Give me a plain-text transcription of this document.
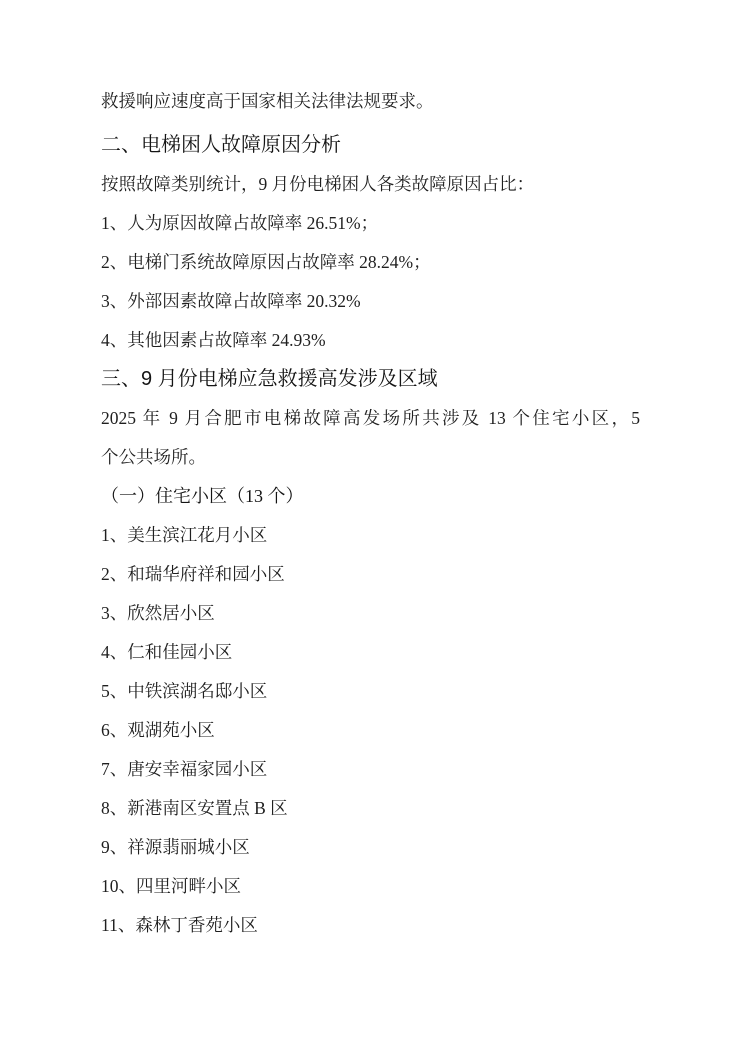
救援响应速度高于国家相关法律法规要求。

二、电梯困人故障原因分析

按照故障类别统计，9 月份电梯困人各类故障原因占比：

1、人为原因故障占故障率 26.51%；

2、电梯门系统故障原因占故障率 28.24%；

3、外部因素故障占故障率 20.32%

4、其他因素占故障率 24.93%

三、9 月份电梯应急救援高发涉及区域

2025 年 9 月合肥市电梯故障高发场所共涉及 13 个住宅小区，5

个公共场所。

（一）住宅小区（13 个）

1、美生滨江花月小区

2、和瑞华府祥和园小区

3、欣然居小区

4、仁和佳园小区

5、中铁滨湖名邸小区

6、观湖苑小区

7、唐安幸福家园小区

8、新港南区安置点 B 区

9、祥源翡丽城小区

10、四里河畔小区

11、森林丁香苑小区
